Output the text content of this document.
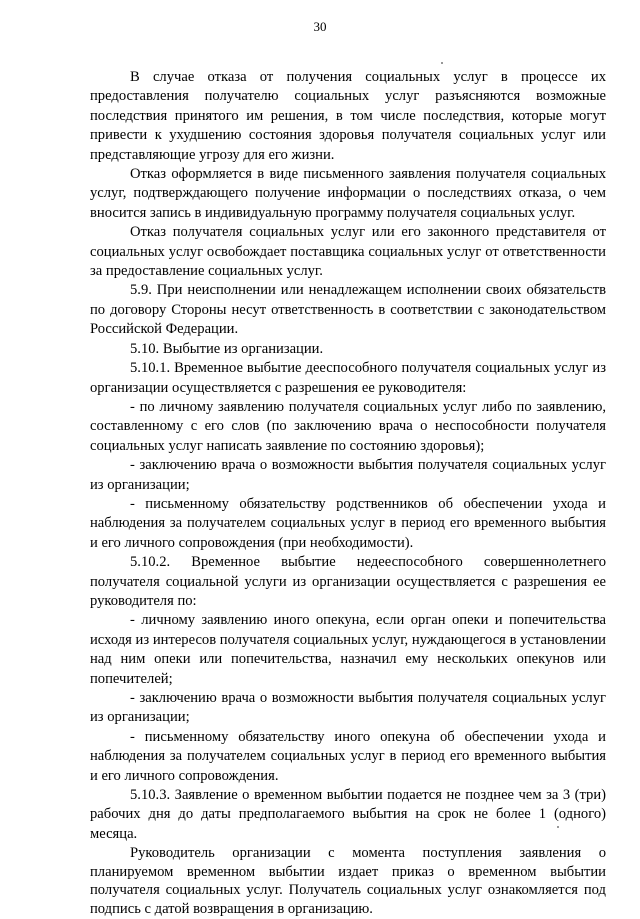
30

В случае отказа от получения социальных услуг в процессе их предоставления получателю социальных услуг разъясняются возможные последствия принятого им решения, в том числе последствия, которые могут привести к ухудшению состояния здоровья получателя социальных услуг или представляющие угрозу для его жизни.

Отказ оформляется в виде письменного заявления получателя социальных услуг, подтверждающего получение информации о последствиях отказа, о чем вносится запись в индивидуальную программу получателя социальных услуг.

Отказ получателя социальных услуг или его законного представителя от социальных услуг освобождает поставщика социальных услуг от ответственности за предоставление социальных услуг.

5.9. При неисполнении или ненадлежащем исполнении своих обязательств по договору Стороны несут ответственность в соответствии с законодательством Российской Федерации.

5.10. Выбытие из организации.

5.10.1. Временное выбытие дееспособного получателя социальных услуг из организации осуществляется с разрешения ее руководителя:

- по личному заявлению получателя социальных услуг либо по заявлению, составленному с его слов (по заключению врача о неспособности получателя социальных услуг написать заявление по состоянию здоровья);

- заключению врача о возможности выбытия получателя социальных услуг из организации;

- письменному обязательству родственников об обеспечении ухода и наблюдения за получателем социальных услуг в период его временного выбытия и его личного сопровождения (при необходимости).

5.10.2. Временное выбытие недееспособного совершеннолетнего получателя социальной услуги из организации осуществляется с разрешения ее руководителя по:

- личному заявлению иного опекуна, если орган опеки и попечительства исходя из интересов получателя социальных услуг, нуждающегося в установлении над ним опеки или попечительства, назначил ему нескольких опекунов или попечителей;

- заключению врача о возможности выбытия получателя социальных услуг из организации;

- письменному обязательству иного опекуна об обеспечении ухода и наблюдения за получателем социальных услуг в период его временного выбытия и его личного сопровождения.

5.10.3. Заявление о временном выбытии подается не позднее чем за 3 (три) рабочих дня до даты предполагаемого выбытия на срок не более 1 (одного) месяца.

Руководитель организации с момента поступления заявления о планируемом временном выбытии издает приказ о временном выбытии получателя социальных услуг. Получатель социальных услуг ознакомляется под подпись с датой возвращения в организацию.
